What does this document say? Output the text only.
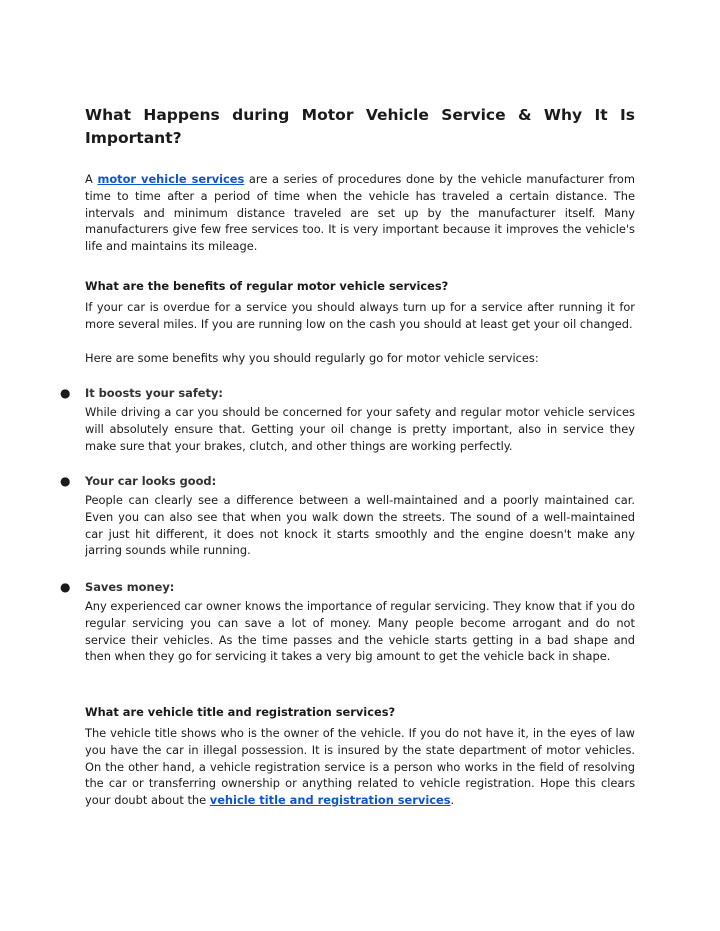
What Happens during Motor Vehicle Service & Why It Is
Important?

A motor vehicle services are a series of procedures done by the vehicle manufacturer from time to time after a period of time when the vehicle has traveled a certain distance. The intervals and minimum distance traveled are set up by the manufacturer itself. Many manufacturers give few free services too. It is very important because it improves the vehicle's life and maintains its mileage.

What are the benefits of regular motor vehicle services?

If your car is overdue for a service you should always turn up for a service after running it for more several miles. If you are running low on the cash you should at least get your oil changed.

Here are some benefits why you should regularly go for motor vehicle services:

● It boosts your safety:

While driving a car you should be concerned for your safety and regular motor vehicle services will absolutely ensure that. Getting your oil change is pretty important, also in service they make sure that your brakes, clutch, and other things are working perfectly.

● Your car looks good:

People can clearly see a difference between a well-maintained and a poorly maintained car. Even you can also see that when you walk down the streets. The sound of a well-maintained car just hit different, it does not knock it starts smoothly and the engine doesn't make any jarring sounds while running.

● Saves money:

Any experienced car owner knows the importance of regular servicing. They know that if you do regular servicing you can save a lot of money. Many people become arrogant and do not service their vehicles. As the time passes and the vehicle starts getting in a bad shape and then when they go for servicing it takes a very big amount to get the vehicle back in shape.

What are vehicle title and registration services?

The vehicle title shows who is the owner of the vehicle. If you do not have it, in the eyes of law you have the car in illegal possession. It is insured by the state department of motor vehicles. On the other hand, a vehicle registration service is a person who works in the field of resolving the car or transferring ownership or anything related to vehicle registration. Hope this clears your doubt about the vehicle title and registration services.
